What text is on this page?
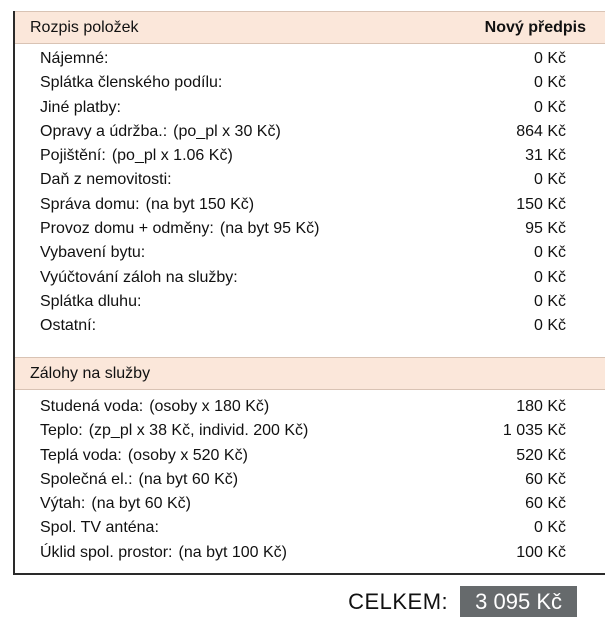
Rozpis položek	Nový předpis
Nájemné:	0 Kč
Splátka členského podílu:	0 Kč
Jiné platby:	0 Kč
Opravy a údržba.: (po_pl x 30 Kč)	864 Kč
Pojištění: (po_pl x 1.06 Kč)	31 Kč
Daň z nemovitosti:	0 Kč
Správa domu: (na byt 150 Kč)	150 Kč
Provoz domu + odměny: (na byt 95 Kč)	95 Kč
Vybavení bytu:	0 Kč
Vyúčtování záloh na služby:	0 Kč
Splátka dluhu:	0 Kč
Ostatní:	0 Kč
Zálohy na služby
Studená voda: (osoby x 180 Kč)	180 Kč
Teplo: (zp_pl x 38 Kč, individ. 200 Kč)	1 035 Kč
Teplá voda: (osoby x 520 Kč)	520 Kč
Společná el.: (na byt 60 Kč)	60 Kč
Výtah: (na byt 60 Kč)	60 Kč
Spol. TV anténa:	0 Kč
Úklid spol. prostor: (na byt 100 Kč)	100 Kč
CELKEM:	3 095 Kč
